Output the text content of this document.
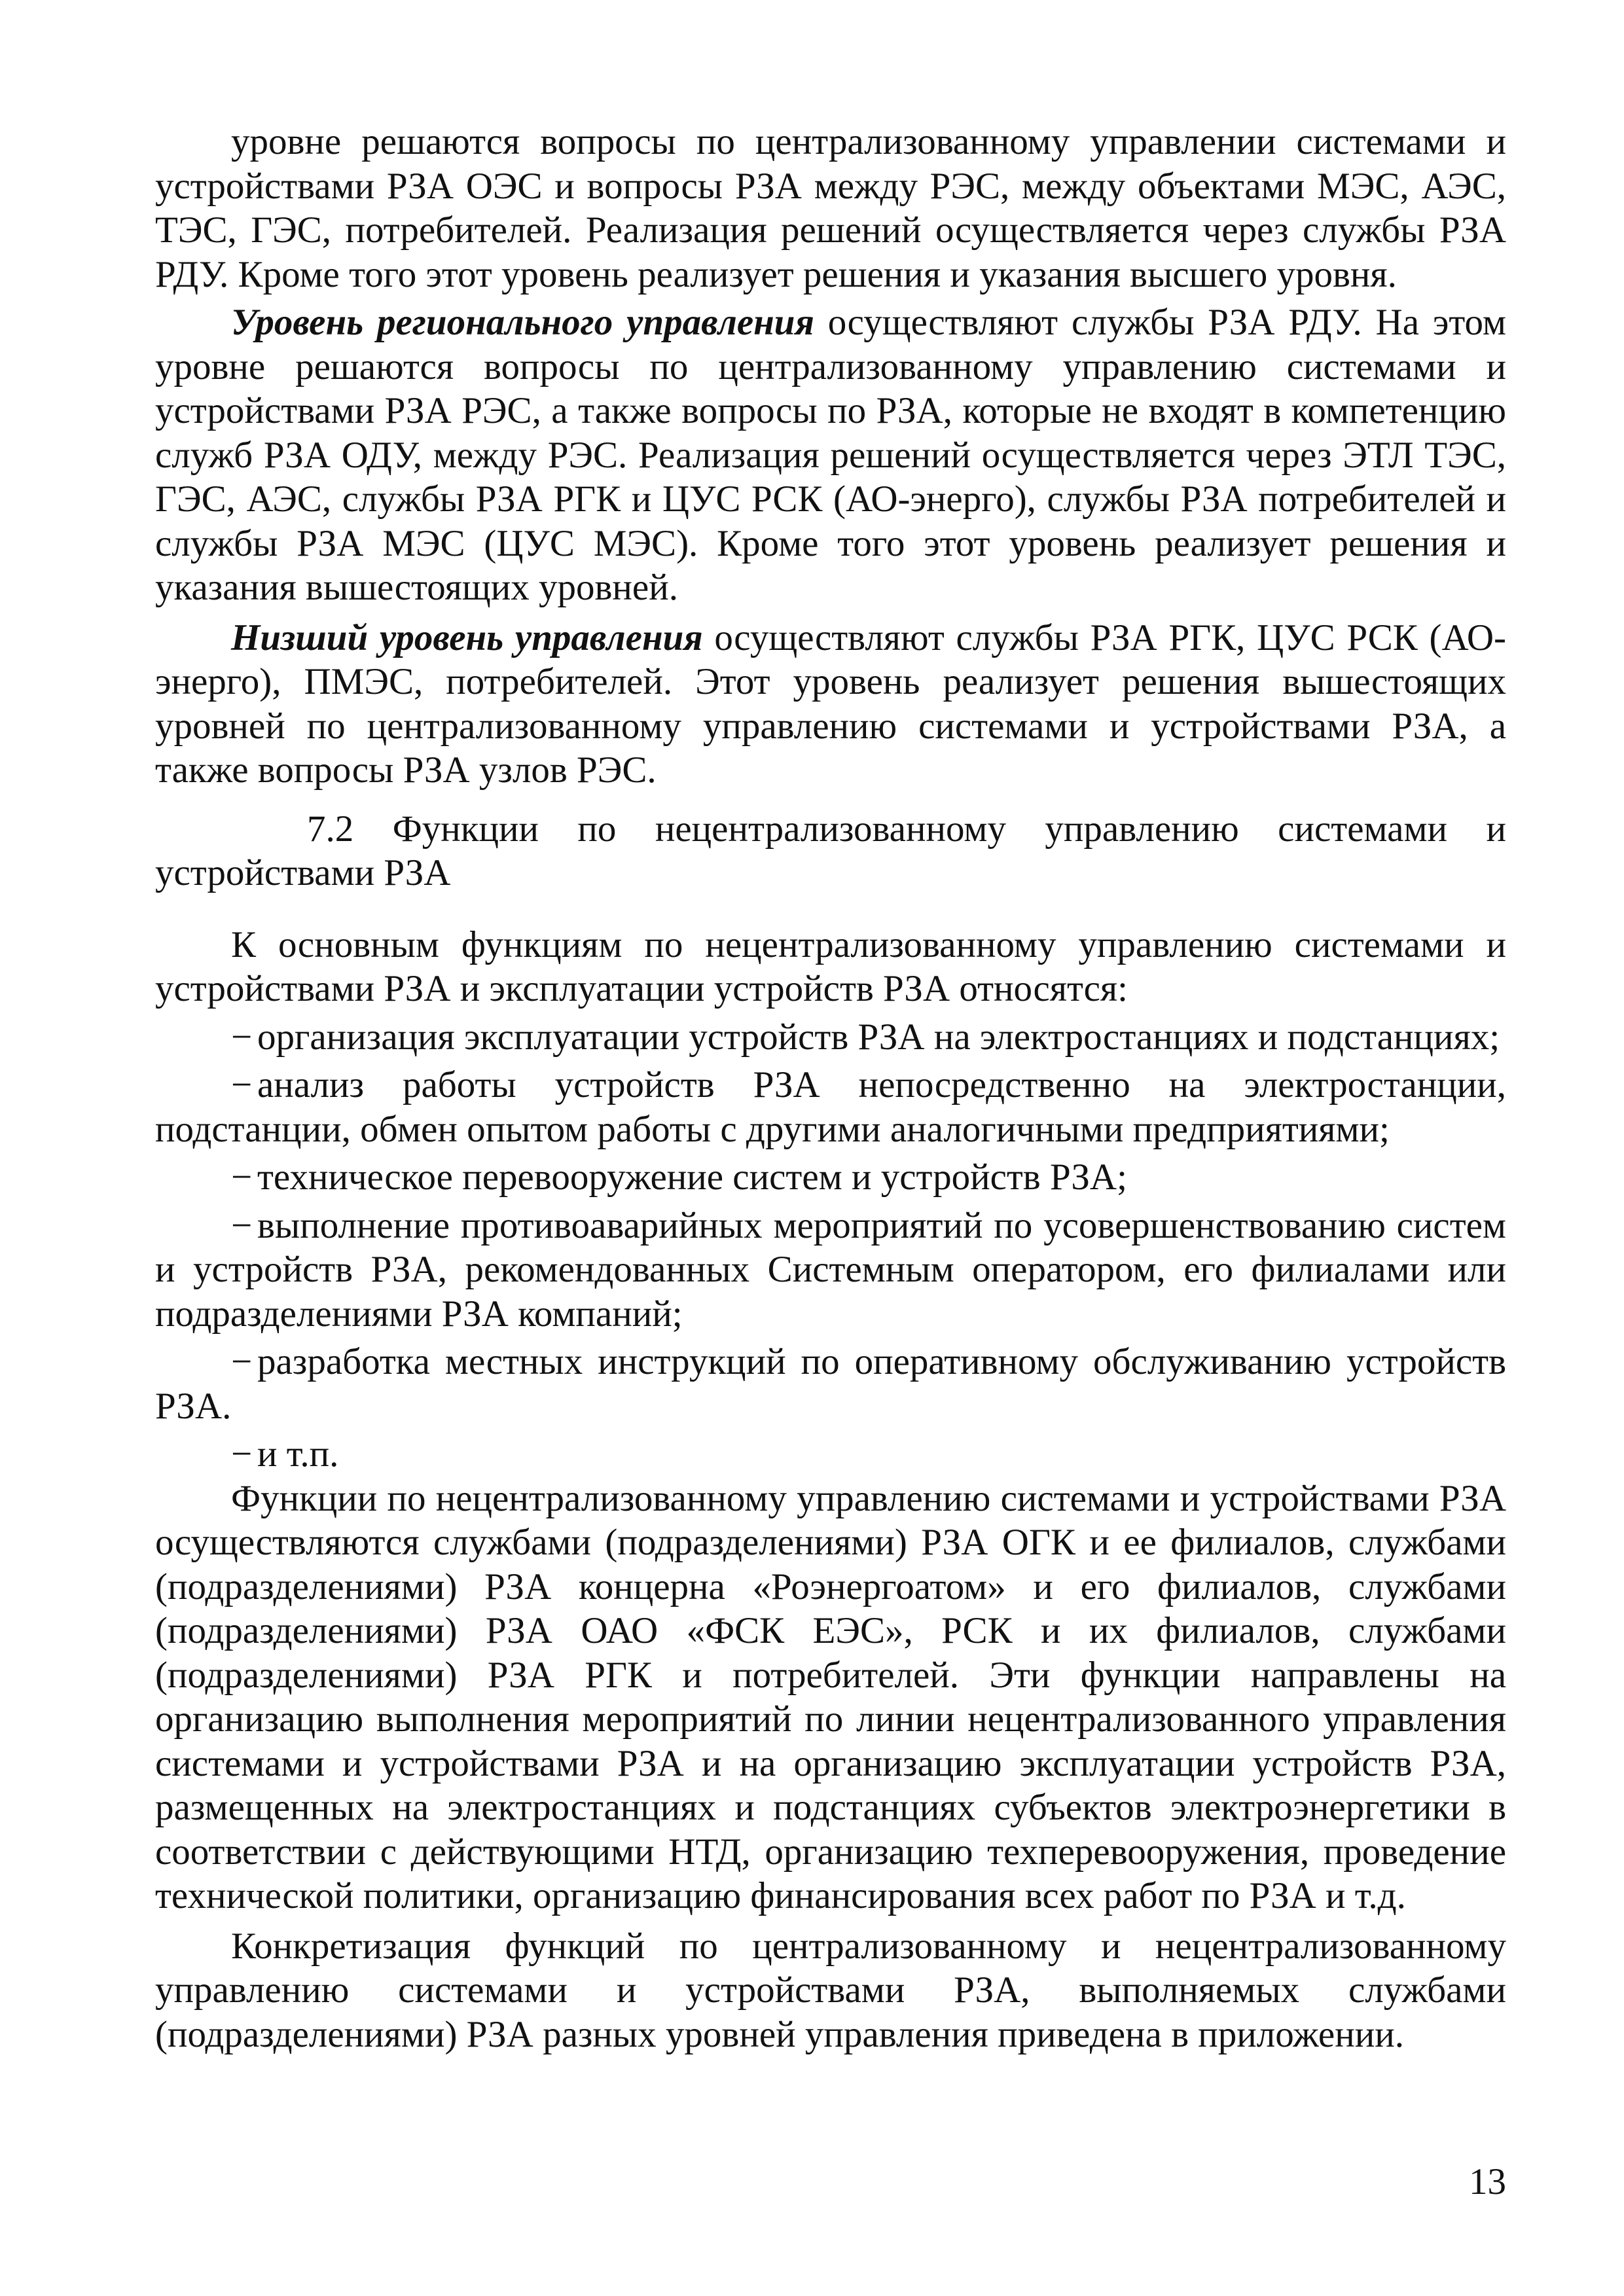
уровне решаются вопросы по централизованному управлении системами и устройствами РЗА ОЭС и вопросы РЗА между РЭС, между объектами МЭС, АЭС, ТЭС, ГЭС, потребителей. Реализация решений осуществляется через службы РЗА РДУ. Кроме того этот уровень реализует решения и указания высшего уровня.

Уровень регионального управления осуществляют службы РЗА РДУ. На этом уровне решаются вопросы по централизованному управлению системами и устройствами РЗА РЭС, а также вопросы по РЗА, которые не входят в компетенцию служб РЗА ОДУ, между РЭС. Реализация решений осуществляется через ЭТЛ ТЭС, ГЭС, АЭС, службы РЗА РГК и ЦУС РСК (АО-энерго), службы РЗА потребителей и службы РЗА МЭС (ЦУС МЭС). Кроме того этот уровень реализует решения и указания вышестоящих уровней.

Низший уровень управления осуществляют службы РЗА РГК, ЦУС РСК (АО-энерго), ПМЭС, потребителей. Этот уровень реализует решения вышестоящих уровней по централизованному управлению системами и устройствами РЗА, а также вопросы РЗА узлов РЭС.

7.2 Функции по нецентрализованному управлению системами и устройствами РЗА

К основным функциям по нецентрализованному управлению системами и устройствами РЗА и эксплуатации устройств РЗА относятся:

− организация эксплуатации устройств РЗА на электростанциях и подстанциях;

− анализ работы устройств РЗА непосредственно на электростанции, подстанции, обмен опытом работы с другими аналогичными предприятиями;

− техническое перевооружение систем и устройств РЗА;

− выполнение противоаварийных мероприятий по усовершенствованию систем и устройств РЗА, рекомендованных Системным оператором, его филиалами или подразделениями РЗА компаний;

− разработка местных инструкций по оперативному обслуживанию устройств РЗА.

− и т.п.

Функции по нецентрализованному управлению системами и устройствами РЗА осуществляются службами (подразделениями) РЗА ОГК и ее филиалов, службами (подразделениями) РЗА концерна «Роэнергоатом» и его филиалов, службами (подразделениями) РЗА ОАО «ФСК ЕЭС», РСК и их филиалов, службами (подразделениями) РЗА РГК и потребителей. Эти функции направлены на организацию выполнения мероприятий по линии нецентрализованного управления системами и устройствами РЗА и на организацию эксплуатации устройств РЗА, размещенных на электростанциях и подстанциях субъектов электроэнергетики в соответствии с действующими НТД, организацию техперевооружения, проведение технической политики, организацию финансирования всех работ по РЗА и т.д.

Конкретизация функций по централизованному и нецентрализованному управлению системами и устройствами РЗА, выполняемых службами (подразделениями) РЗА разных уровней управления приведена в приложении.

13
